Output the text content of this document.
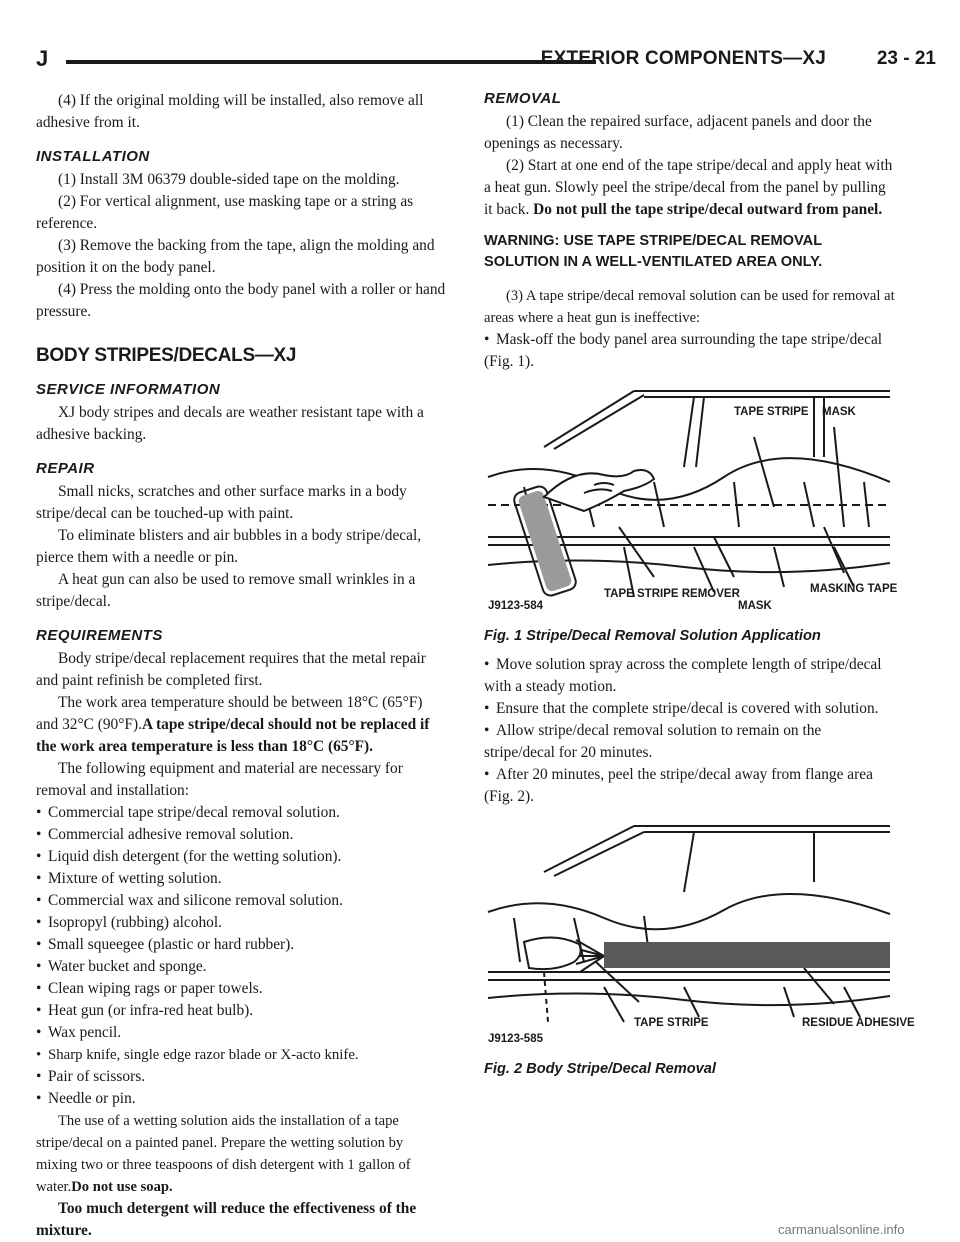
J	EXTERIOR COMPONENTS—XJ	23 - 21

(4) If the original molding will be installed, also remove all adhesive from it.

INSTALLATION

(1) Install 3M 06379 double-sided tape on the molding.

(2) For vertical alignment, use masking tape or a string as reference.

(3) Remove the backing from the tape, align the molding and position it on the body panel.

(4) Press the molding onto the body panel with a roller or hand pressure.

BODY STRIPES/DECALS—XJ
SERVICE INFORMATION

XJ body stripes and decals are weather resistant tape with a adhesive backing.

REPAIR

Small nicks, scratches and other surface marks in a body stripe/decal can be touched-up with paint.

To eliminate blisters and air bubbles in a body stripe/decal, pierce them with a needle or pin.

A heat gun can also be used to remove small wrinkles in a stripe/decal.

REQUIREMENTS

Body stripe/decal replacement requires that the metal repair and paint refinish be completed first.

The work area temperature should be between 18°C (65°F) and 32°C (90°F).A tape stripe/decal should not be replaced if the work area temperature is less than 18°C (65°F).

The following equipment and material are necessary for removal and installation:

• Commercial tape stripe/decal removal solution.

• Commercial adhesive removal solution.

• Liquid dish detergent (for the wetting solution).

• Mixture of wetting solution.

• Commercial wax and silicone removal solution.

• Isopropyl (rubbing) alcohol.

• Small squeegee (plastic or hard rubber).

• Water bucket and sponge.

• Clean wiping rags or paper towels.

• Heat gun (or infra-red heat bulb).

• Wax pencil.

• Sharp knife, single edge razor blade or X-acto knife.

• Pair of scissors.

• Needle or pin.

The use of a wetting solution aids the installation of a tape stripe/decal on a painted panel. Prepare the wetting solution by mixing two or three teaspoons of dish detergent with 1 gallon of water.Do not use soap.

Too much detergent will reduce the effectiveness of the mixture.

REMOVAL

(1) Clean the repaired surface, adjacent panels and door the openings as necessary.

(2) Start at one end of the tape stripe/decal and apply heat with a heat gun. Slowly peel the stripe/decal from the panel by pulling it back. Do not pull the tape stripe/decal outward from panel.

WARNING: USE TAPE STRIPE/DECAL REMOVAL SOLUTION IN A WELL-VENTILATED AREA ONLY.

(3) A tape stripe/decal removal solution can be used for removal at areas where a heat gun is ineffective:

• Mask-off the body panel area surrounding the tape stripe/decal (Fig. 1).

TAPE STRIPE MASK
J9123-584
TAPE STRIPE REMOVER
MASK
MASKING TAPE
Fig. 1 Stripe/Decal Removal Solution Application

• Move solution spray across the complete length of stripe/decal with a steady motion.

• Ensure that the complete stripe/decal is covered with solution.

• Allow stripe/decal removal solution to remain on the stripe/decal for 20 minutes.

• After 20 minutes, peel the stripe/decal away from flange area (Fig. 2).

J9123-585
TAPE STRIPE	RESIDUE ADHESIVE
Fig. 2 Body Stripe/Decal Removal
carmanualsonline.info
